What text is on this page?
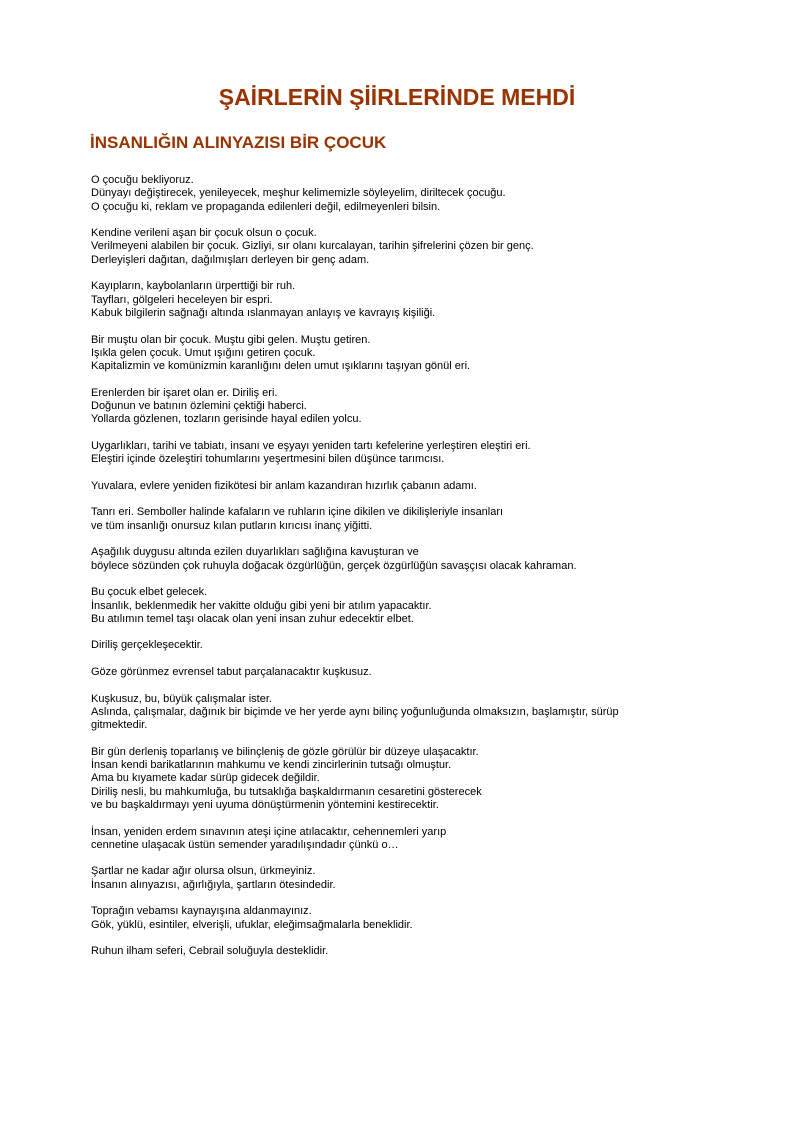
ŞAİRLERİN ŞİİRLERİNDE MEHDİ
İNSANLIĞIN ALINYAZISI BİR ÇOCUK

O çocuğu bekliyoruz.
Dünyayı değiştirecek, yenileyecek, meşhur kelimemizle söyleyelim, diriltecek çocuğu.
O çocuğu ki, reklam ve propaganda edilenleri değil, edilmeyenleri bilsin.

Kendine verileni aşan bir çocuk olsun o çocuk.
Verilmeyeni alabilen bir çocuk. Gizliyi, sır olanı kurcalayan, tarihin şifrelerini çözen bir genç.
Derleyişleri dağıtan, dağılmışları derleyen bir genç adam.

Kayıpların, kaybolanların ürperttiği bir ruh.
Tayfları, gölgeleri heceleyen bir espri.
Kabuk bilgilerin sağnağı altında ıslanmayan anlayış ve kavrayış kişiliği.

Bir muştu olan bir çocuk. Muştu gibi gelen. Muştu getiren.
Işıkla gelen çocuk. Umut ışığını getiren çocuk.
Kapitalizmin ve komünizmin karanlığını delen umut ışıklarını taşıyan gönül eri.

Erenlerden bir işaret olan er. Diriliş eri.
Doğunun ve batının özlemini çektiği haberci.
Yollarda gözlenen, tozların gerisinde hayal edilen yolcu.

Uygarlıkları, tarihi ve tabiatı, insanı ve eşyayı yeniden tartı kefelerine yerleştiren eleştiri eri.
Eleştiri içinde özeleştiri tohumlarını yeşertmesini bilen düşünce tarımcısı.

Yuvalara, evlere yeniden fizikötesi bir anlam kazandıran hızırlık çabanın adamı.

Tanrı eri. Semboller halinde kafaların ve ruhların içine dikilen ve dikilişleriyle insanları
ve tüm insanlığı onursuz kılan putların kırıcısı inanç yiğitti.

Aşağılık duygusu altında ezilen duyarlıkları sağlığına kavuşturan ve
böylece sözünden çok ruhuyla doğacak özgürlüğün, gerçek özgürlüğün savaşçısı olacak kahraman.

Bu çocuk elbet gelecek.
İnsanlık, beklenmedik her vakitte olduğu gibi yeni bir atılım yapacaktır.
Bu atılımın temel taşı olacak olan yeni insan zuhur edecektir elbet.

Diriliş gerçekleşecektir.

Göze görünmez evrensel tabut parçalanacaktır kuşkusuz.

Kuşkusuz, bu, büyük çalışmalar ister.
Aslında, çalışmalar, dağınık bir biçimde ve her yerde aynı bilinç yoğunluğunda olmaksızın, başlamıştır, sürüp
gitmektedir.

Bir gün derleniş toparlanış ve bilinçleniş de gözle görülür bir düzeye ulaşacaktır.
İnsan kendi barikatlarının mahkumu ve kendi zincirlerinin tutsağı olmuştur.
Ama bu kıyamete kadar sürüp gidecek değildir.
Diriliş nesli, bu mahkumluğa, bu tutsaklığa başkaldırmanın cesaretini gösterecek
ve bu başkaldırmayı yeni uyuma dönüştürmenin yöntemini kestirecektir.

İnsan, yeniden erdem sınavının ateşi içine atılacaktır, cehennemleri yarıp
cennetine ulaşacak üstün semender yaradılışındadır çünkü o…

Şartlar ne kadar ağır olursa olsun, ürkmeyiniz.
İnsanın alınyazısı, ağırlığıyla, şartların ötesindedir.

Toprağın vebamsı kaynayışına aldanmayınız.
Gök, yüklü, esintiler, elverişli, ufuklar, eleğimsağmalarla beneklidir.

Ruhun ilham seferi, Cebrail soluğuyla desteklidir.
